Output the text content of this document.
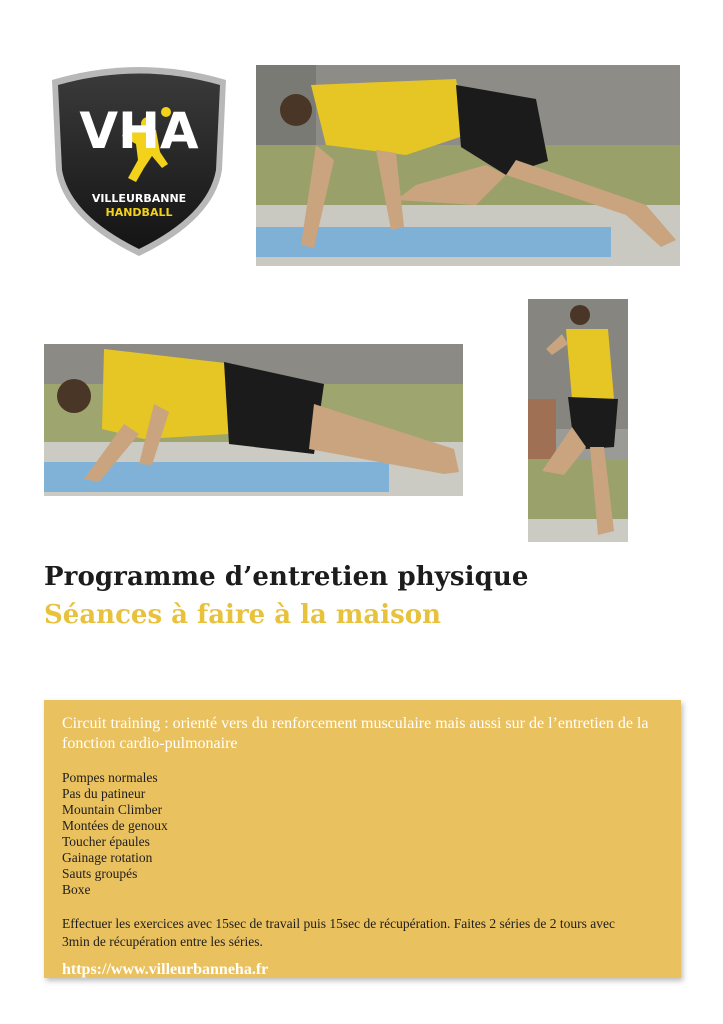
VHA
VILLEURBANNE
HANDBALL
Programme d’entretien physique
Séances à faire à la maison

Circuit training : orienté vers du renforcement musculaire mais aussi sur de l’entretien de la fonction cardio-pulmonaire

Pompes normales
Pas du patineur
Mountain Climber
Montées de genoux
Toucher épaules
Gainage rotation
Sauts groupés
Boxe

Effectuer les exercices avec 15sec de travail puis 15sec de récupération. Faites 2 séries de 2 tours avec
3min de récupération entre les séries.

https://www.villeurbanneha.fr
